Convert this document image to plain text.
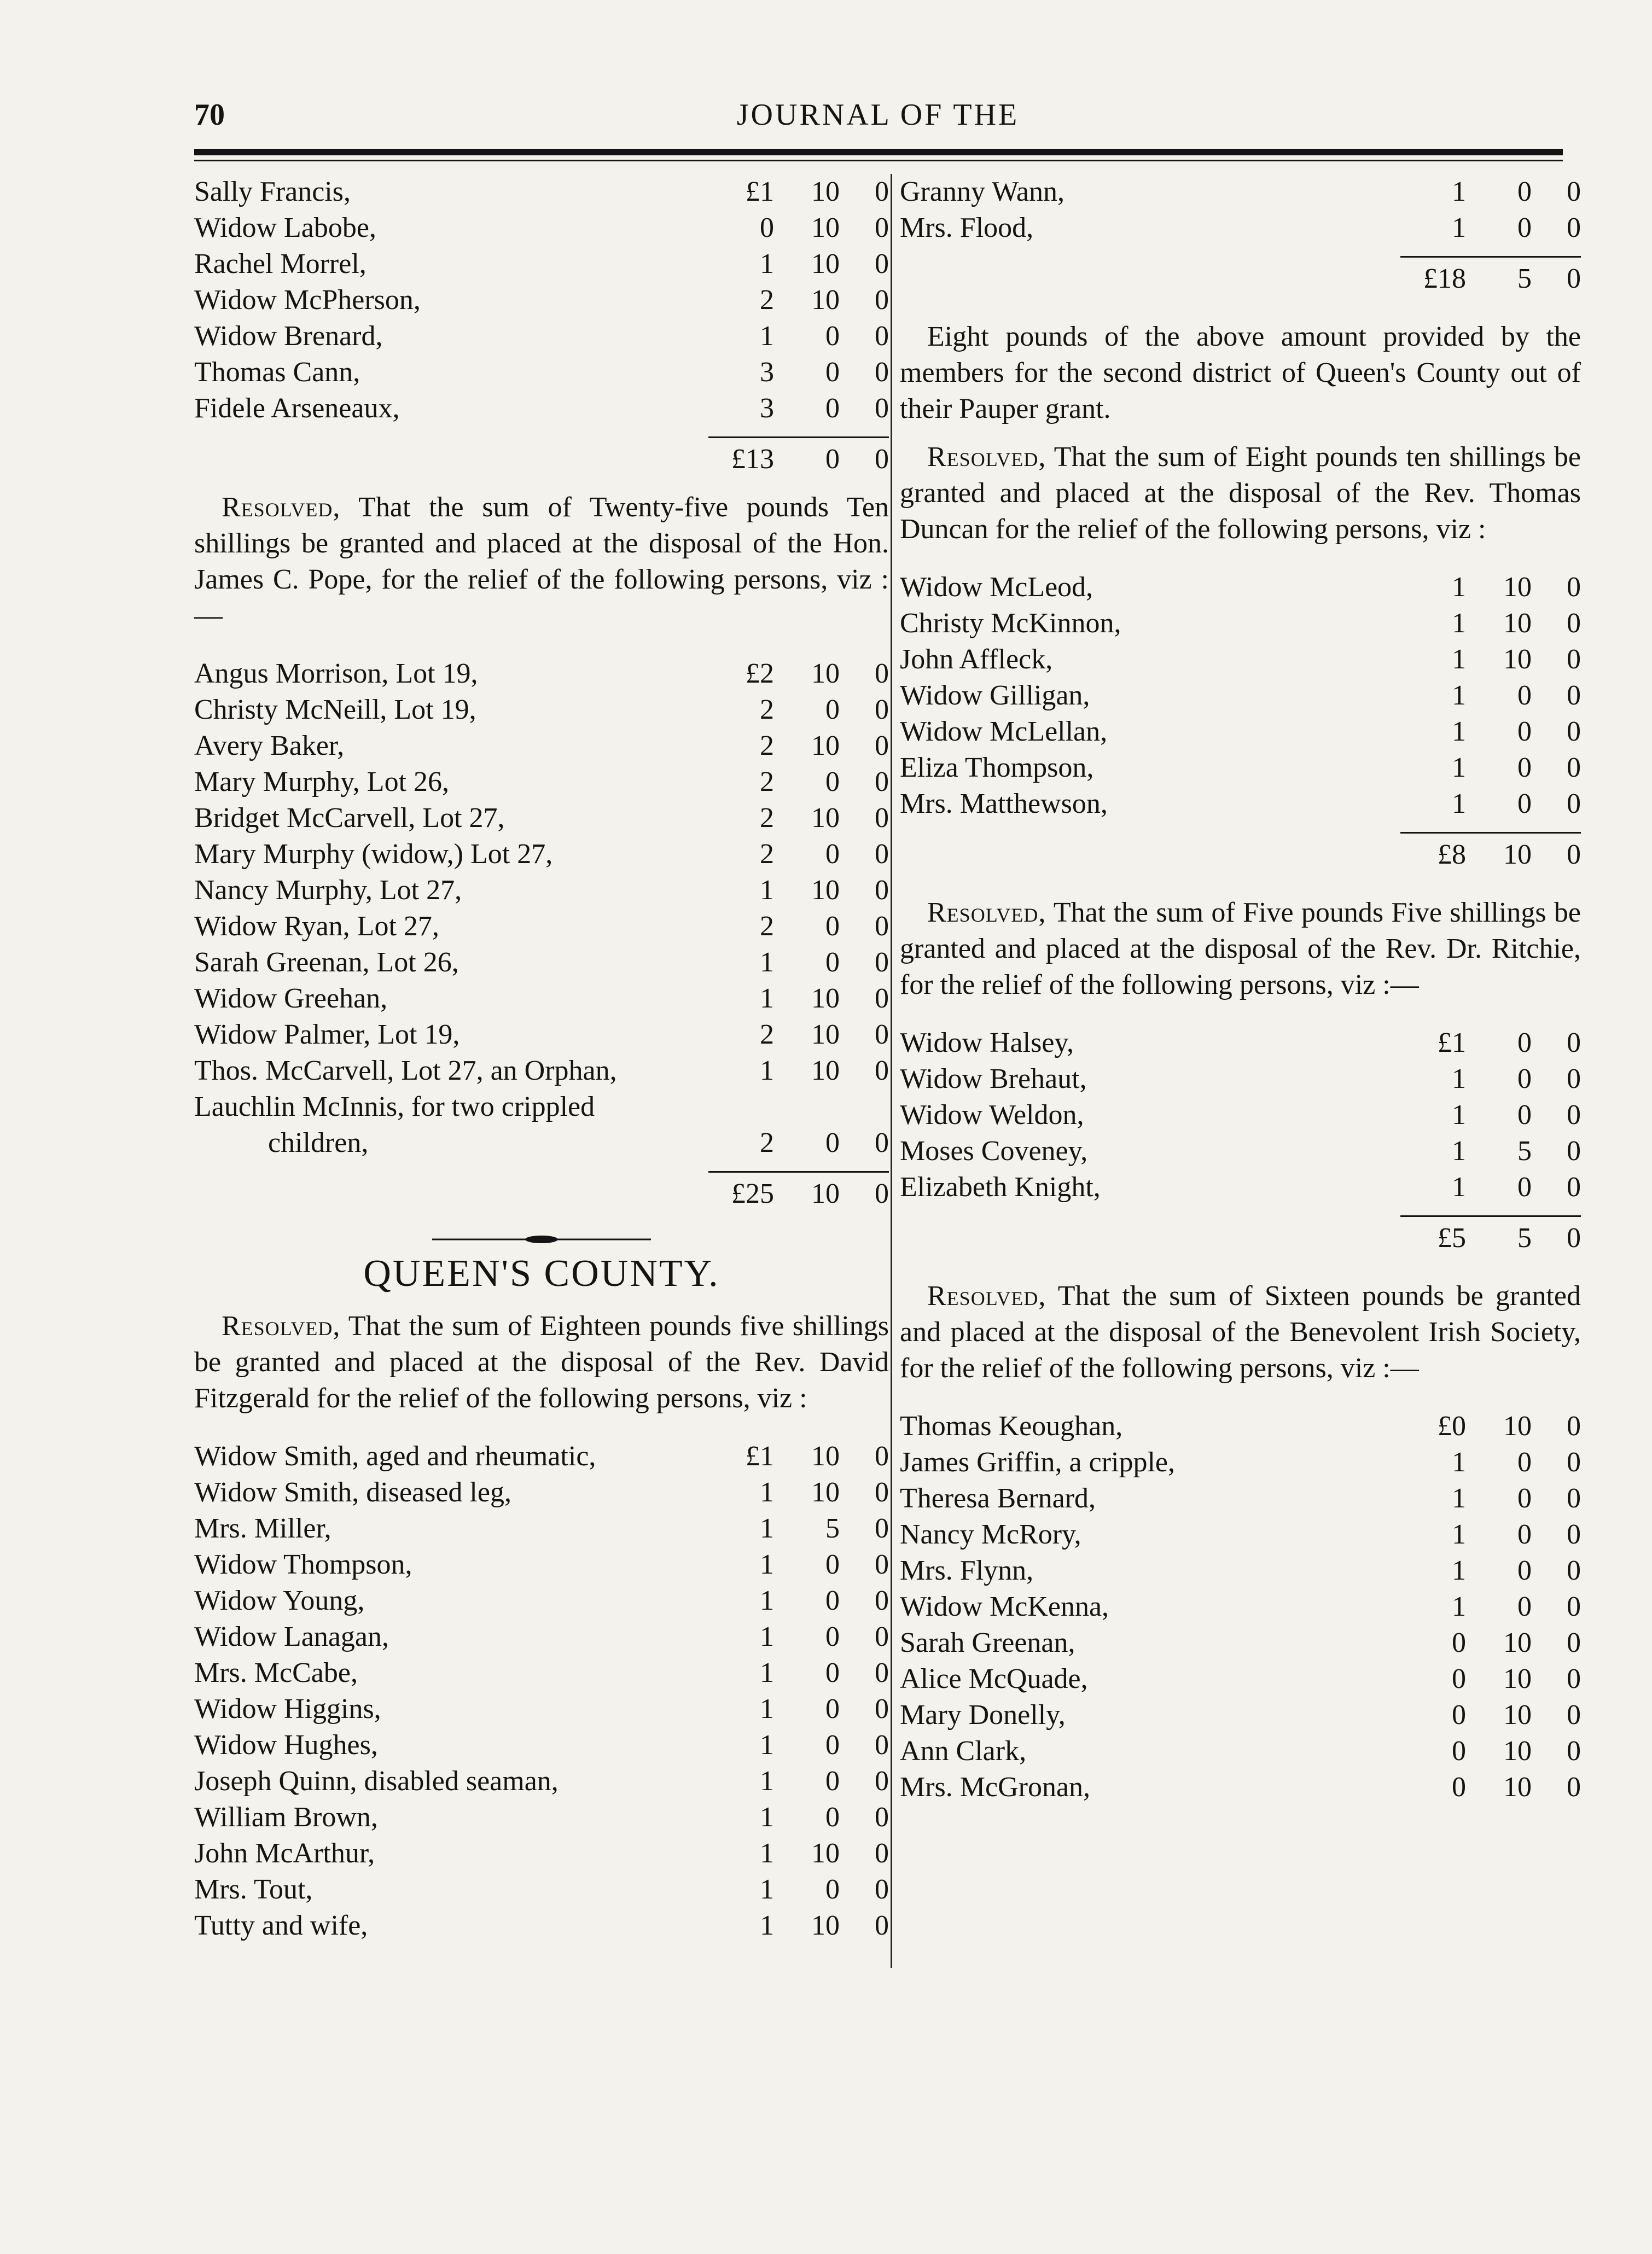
70	JOURNAL OF THE
Sally Francis,	£1	10	0
Widow Labobe,	0	10	0
Rachel Morrel,	1	10	0
Widow McPherson,	2	10	0
Widow Brenard,	1	0	0
Thomas Cann,	3	0	0
Fidele Arseneaux,	3	0	0
£13	0	0

Resolved, That the sum of Twenty-five pounds Ten shillings be granted and placed at the disposal of the Hon. James C. Pope, for the relief of the following persons, viz :—

Angus Morrison, Lot 19,	£2	10	0
Christy McNeill, Lot 19,	2	0	0
Avery Baker,	2	10	0
Mary Murphy, Lot 26,	2	0	0
Bridget McCarvell, Lot 27,	2	10	0
Mary Murphy (widow,) Lot 27,	2	0	0
Nancy Murphy, Lot 27,	1	10	0
Widow Ryan, Lot 27,	2	0	0
Sarah Greenan, Lot 26,	1	0	0
Widow Greehan,	1	10	0
Widow Palmer, Lot 19,	2	10	0
Thos. McCarvell, Lot 27, an Orphan,	1	10	0
Lauchlin McInnis, for two crippled
children,	2	0	0
£25	10	0
QUEEN'S COUNTY.

Resolved, That the sum of Eighteen pounds five shillings be granted and placed at the disposal of the Rev. David Fitzgerald for the relief of the following persons, viz :

Widow Smith, aged and rheumatic,	£1	10	0
Widow Smith, diseased leg,	1	10	0
Mrs. Miller,	1	5	0
Widow Thompson,	1	0	0
Widow Young,	1	0	0
Widow Lanagan,	1	0	0
Mrs. McCabe,	1	0	0
Widow Higgins,	1	0	0
Widow Hughes,	1	0	0
Joseph Quinn, disabled seaman,	1	0	0
William Brown,	1	0	0
John McArthur,	1	10	0
Mrs. Tout,	1	0	0
Tutty and wife,	1	10	0
Granny Wann,	1	0	0
Mrs. Flood,	1	0	0
£18	5	0

Eight pounds of the above amount provided by the members for the second district of Queen's County out of their Pauper grant.

Resolved, That the sum of Eight pounds ten shillings be granted and placed at the disposal of the Rev. Thomas Duncan for the relief of the following persons, viz :

Widow McLeod,	1	10	0
Christy McKinnon,	1	10	0
John Affleck,	1	10	0
Widow Gilligan,	1	0	0
Widow McLellan,	1	0	0
Eliza Thompson,	1	0	0
Mrs. Matthewson,	1	0	0
£8	10	0

Resolved, That the sum of Five pounds Five shillings be granted and placed at the disposal of the Rev. Dr. Ritchie, for the relief of the following persons, viz :—

Widow Halsey,	£1	0	0
Widow Brehaut,	1	0	0
Widow Weldon,	1	0	0
Moses Coveney,	1	5	0
Elizabeth Knight,	1	0	0
£5	5	0

Resolved, That the sum of Sixteen pounds be granted and placed at the disposal of the Benevolent Irish Society, for the relief of the following persons, viz :—

Thomas Keoughan,	£0	10	0
James Griffin, a cripple,	1	0	0
Theresa Bernard,	1	0	0
Nancy McRory,	1	0	0
Mrs. Flynn,	1	0	0
Widow McKenna,	1	0	0
Sarah Greenan,	0	10	0
Alice McQuade,	0	10	0
Mary Donelly,	0	10	0
Ann Clark,	0	10	0
Mrs. McGronan,	0	10	0
